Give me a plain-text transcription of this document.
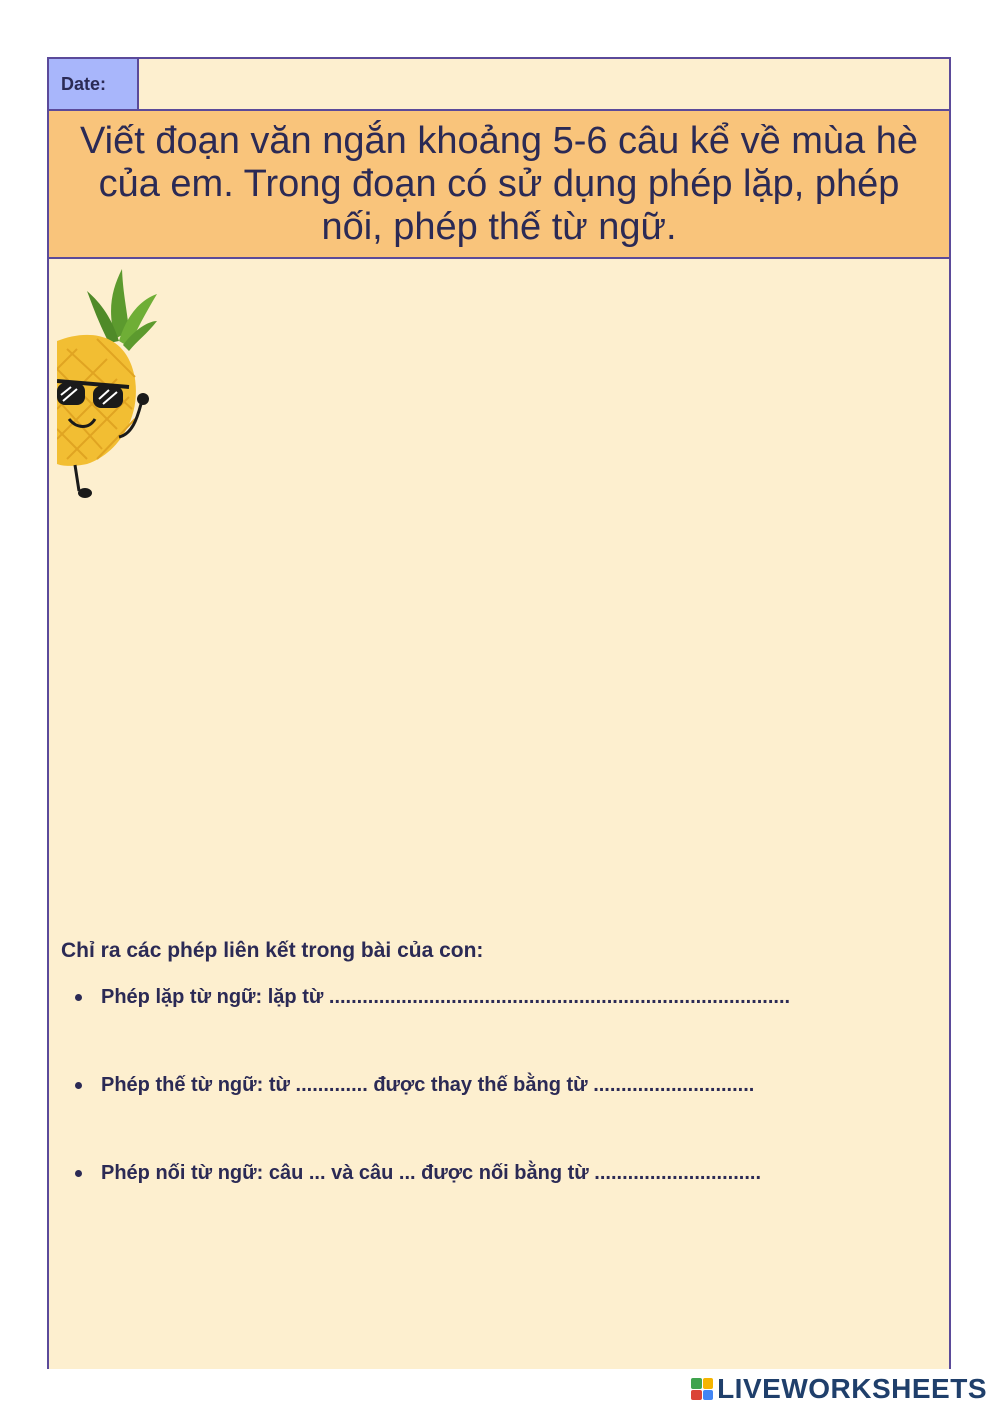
Date:
Viết đoạn văn ngắn khoảng 5-6 câu kể về mùa hè của em. Trong đoạn có sử dụng phép lặp, phép nối, phép thế từ ngữ.
Chỉ ra các phép liên kết trong bài của con:
Phép lặp từ ngữ: lặp từ ...................................................................................
Phép thế từ ngữ: từ ............. được thay thế bằng từ .............................
Phép nối từ ngữ: câu ... và câu ... được nối bằng từ ..............................
LIVEWORKSHEETS
